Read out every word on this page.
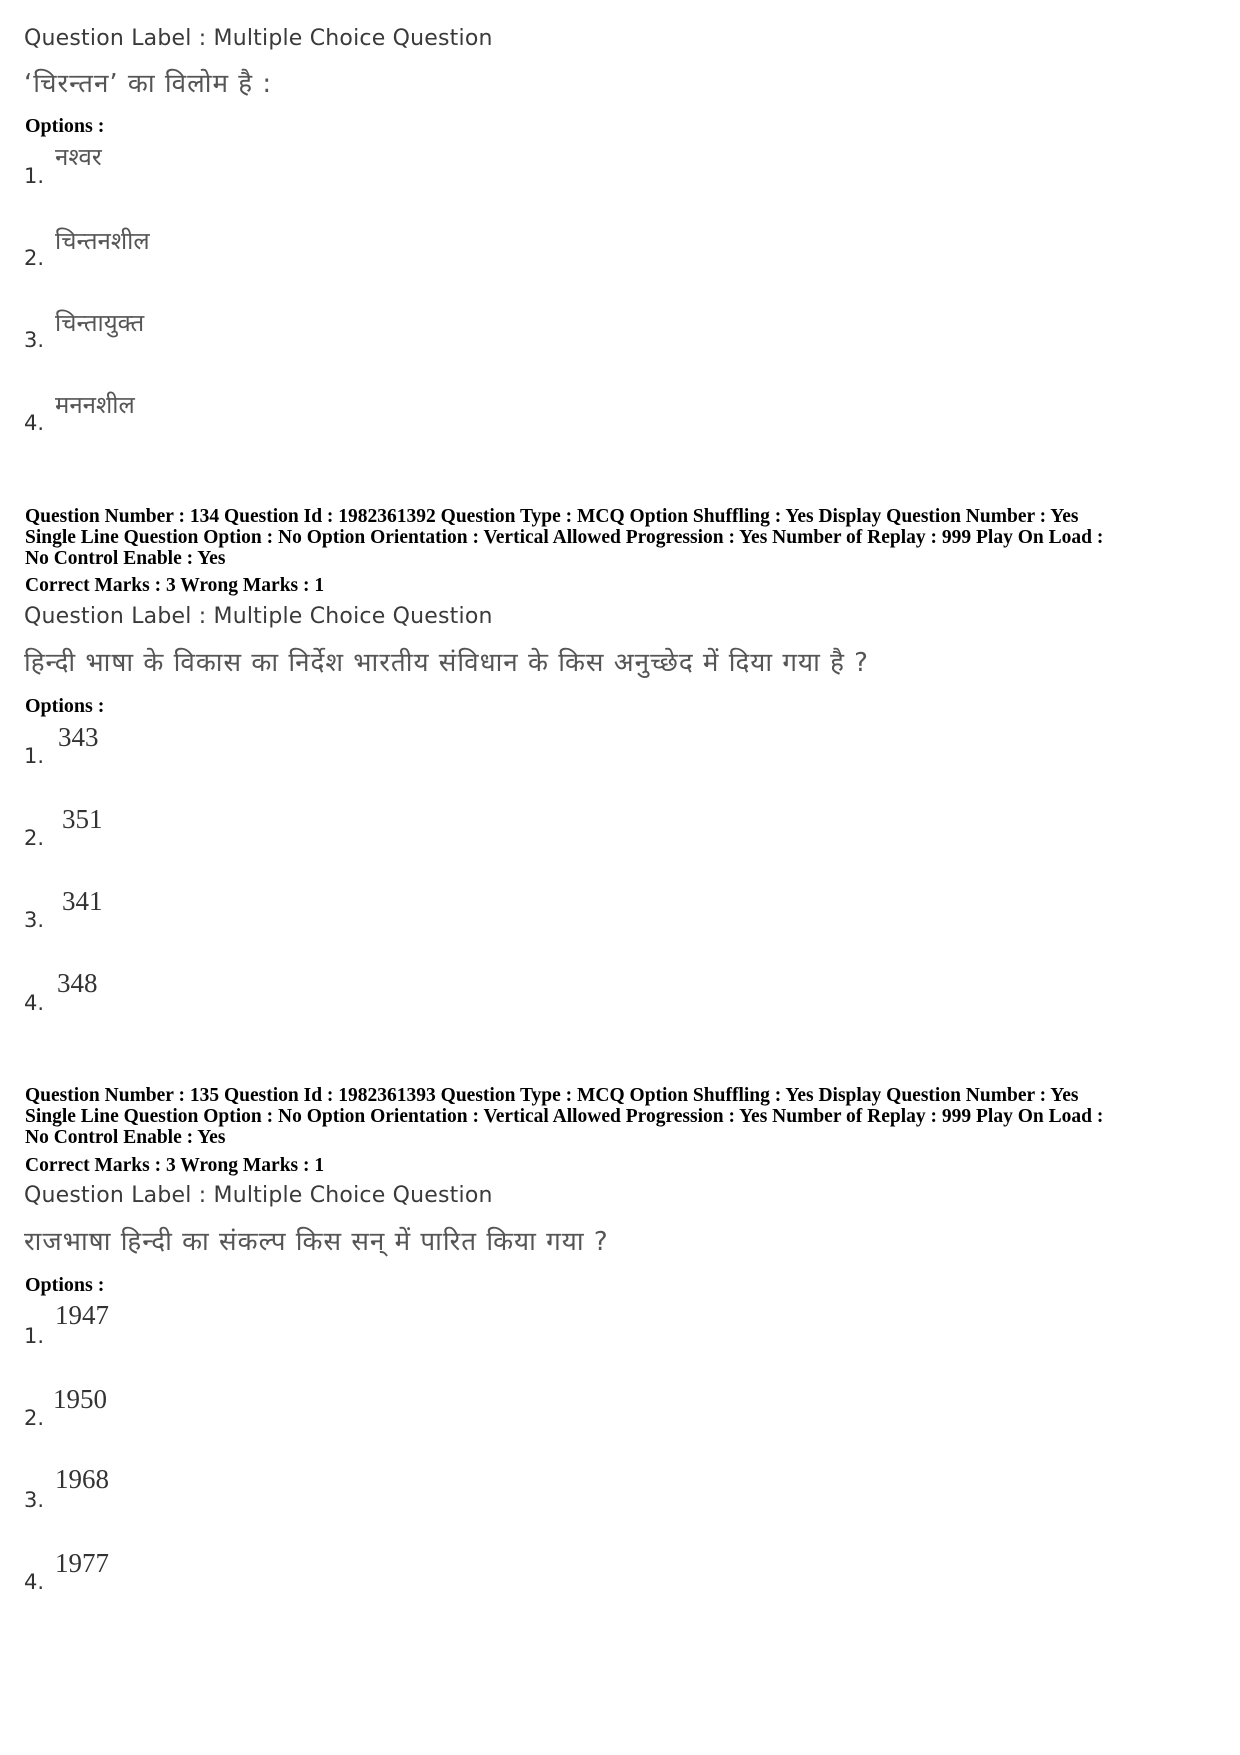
Question Label : Multiple Choice Question
‘चिरन्तन’ का विलोम है :
Options :
1.
नश्वर
2.
चिन्तनशील
3.
चिन्तायुक्त
4.
मननशील
Question Number : 134 Question Id : 1982361392 Question Type : MCQ Option Shuffling : Yes Display Question Number : Yes
Single Line Question Option : No Option Orientation : Vertical Allowed Progression : Yes Number of Replay : 999 Play On Load :
No Control Enable : Yes
Correct Marks : 3 Wrong Marks : 1
Question Label : Multiple Choice Question
हिन्दी भाषा के विकास का निर्देश भारतीय संविधान के किस अनुच्छेद में दिया गया है ?
Options :
1.
343
2.
351
3.
341
4.
348
Question Number : 135 Question Id : 1982361393 Question Type : MCQ Option Shuffling : Yes Display Question Number : Yes
Single Line Question Option : No Option Orientation : Vertical Allowed Progression : Yes Number of Replay : 999 Play On Load :
No Control Enable : Yes
Correct Marks : 3 Wrong Marks : 1
Question Label : Multiple Choice Question
राजभाषा हिन्दी का संकल्प किस सन् में पारित किया गया ?
Options :
1.
1947
2.
1950
3.
1968
4.
1977
